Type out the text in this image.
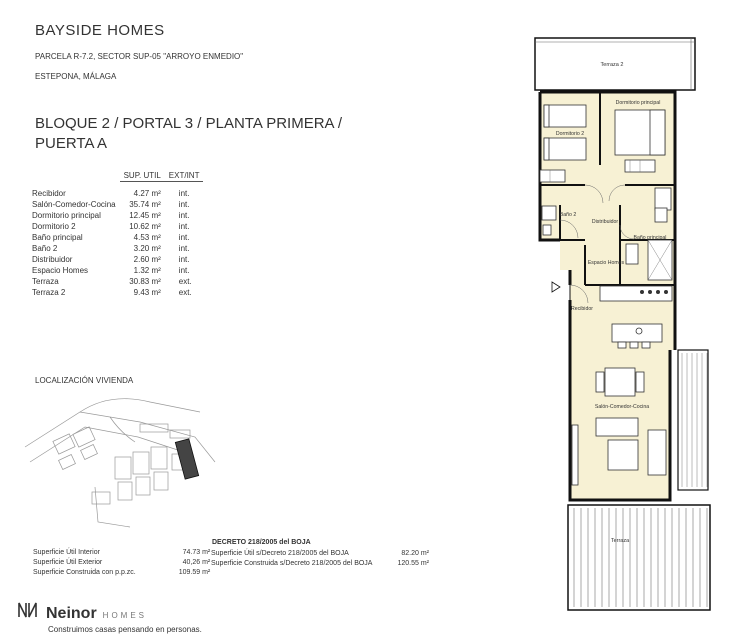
BAYSIDE HOMES
PARCELA R-7.2, SECTOR SUP-05 "ARROYO ENMEDIO"
ESTEPONA, MÁLAGA
BLOQUE 2 / PORTAL 3 / PLANTA PRIMERA /
PUERTA A
	SUP. UTIL	EXT/INT
Recibidor	4.27 m²	int.
Salón-Comedor-Cocina	35.74 m²	int.
Dormitorio principal	12.45 m²	int.
Dormitorio 2	10.62 m²	int.
Baño principal	4.53 m²	int.
Baño 2	3.20 m²	int.
Distribuidor	2.60 m²	int.
Espacio Homes	1.32 m²	int.
Terraza	30.83 m²	ext.
Terraza 2	9.43 m²	ext.
LOCALIZACIÓN VIVIENDA
Superficie Útil Interior	74.73 m²
Superficie Útil Exterior	40,26 m²
Superficie Construida con p.p.zc.	109.59 m²
DECRETO 218/2005 del BOJA
Superficie Útil s/Decreto 218/2005 del BOJA	82.20 m²
Superficie Construida s/Decreto 218/2005 del BOJA	120.55 m²
Neinor HOMES
Construimos casas pensando en personas.
Terraza 2
Dormitorio principal
Dormitorio 2
Baño 2
Distribuidor
Baño principal
Espacio Homes
Recibidor
Salón-Comedor-Cocina
Terraza
